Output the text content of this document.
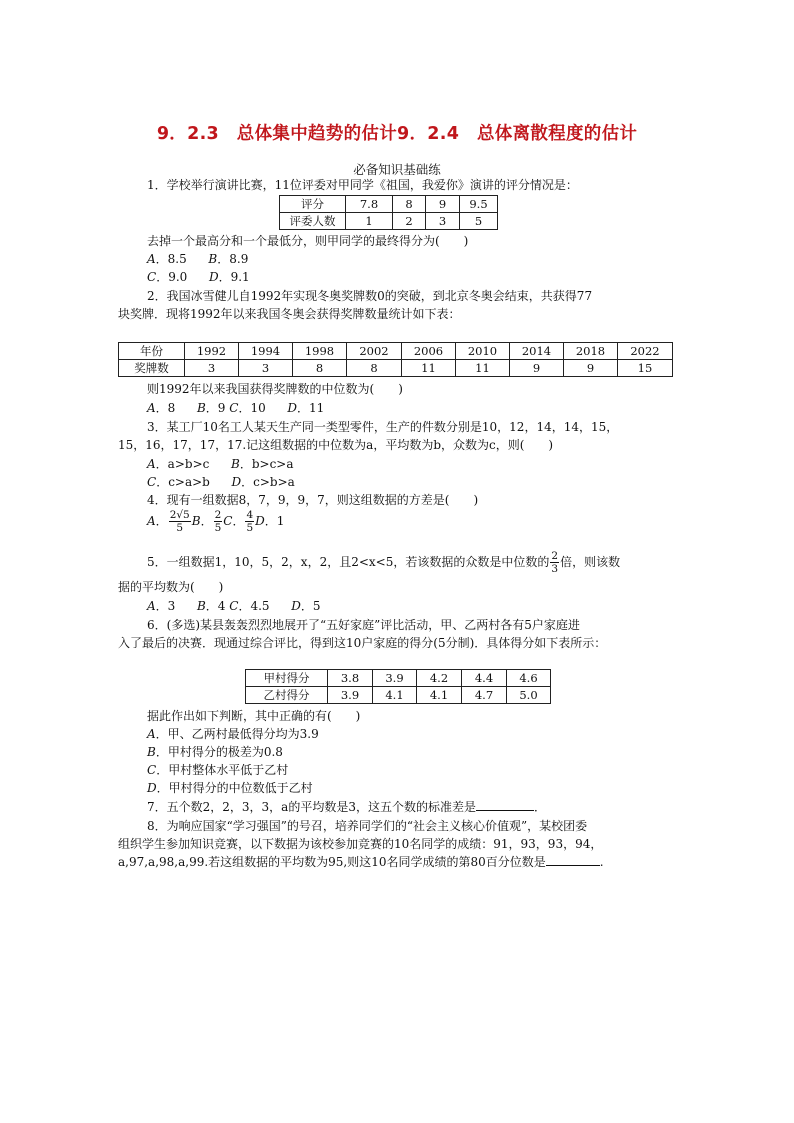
9．2.3　总体集中趋势的估计9．2.4　总体离散程度的估计
必备知识基础练
1．学校举行演讲比赛，11位评委对甲同学《祖国，我爱你》演讲的评分情况是：
评分	7.8	8	9	9.5
评委人数	1	2	3	5
去掉一个最高分和一个最低分，则甲同学的最终得分为(　　)
A．8.5 B．8.9
C．9.0 D．9.1
2．我国冰雪健儿自1992年实现冬奥奖牌数0的突破，到北京冬奥会结束，共获得77
块奖牌．现将1992年以来我国冬奥会获得奖牌数量统计如下表：
年份	1992	1994	1998	2002	2006	2010	2014	2018	2022
奖牌数	3	3	8	8	11	11	9	9	15
则1992年以来我国获得奖牌数的中位数为(　　)
A．8 B．9 C．10 D．11
3．某工厂10名工人某天生产同一类型零件，生产的件数分别是10，12，14，14，15，
15，16，17，17，17.记这组数据的中位数为a，平均数为b，众数为c，则(　　)
A．a>b>c B．b>c>a
C．c>a>b D．c>b>a
4．现有一组数据8，7，9，9，7，则这组数据的方差是(　　)
A． $\frac{2√5}{5}$ B． $\frac{2}{5}$ C． $\frac{4}{5}$ D．1
5．一组数据1，10，5，2，x，2，且2<x<5，若该数据的众数是中位数的 $\frac{2}{3}$ 倍，则该数
据的平均数为(　　)
A．3 B．4 C．4.5 D．5
6．(多选)某县轰轰烈烈地展开了“五好家庭”评比活动，甲、乙两村各有5户家庭进
入了最后的决赛．现通过综合评比，得到这10户家庭的得分(5分制)．具体得分如下表所示：
甲村得分	3.8	3.9	4.2	4.4	4.6
乙村得分	3.9	4.1	4.1	4.7	5.0
据此作出如下判断，其中正确的有(　　)
A．甲、乙两村最低得分均为3.9
B．甲村得分的极差为0.8
C．甲村整体水平低于乙村
D．甲村得分的中位数低于乙村
7．五个数2，2，3，3，a的平均数是3，这五个数的标准差是	．
8．为响应国家“学习强国”的号召，培养同学们的“社会主义核心价值观”，某校团委
组织学生参加知识竞赛，以下数据为该校参加竞赛的10名同学的成绩：91，93，93，94，
a,97,a,98,a,99.若这组数据的平均数为95,则这10名同学成绩的第80百分位数是	.
